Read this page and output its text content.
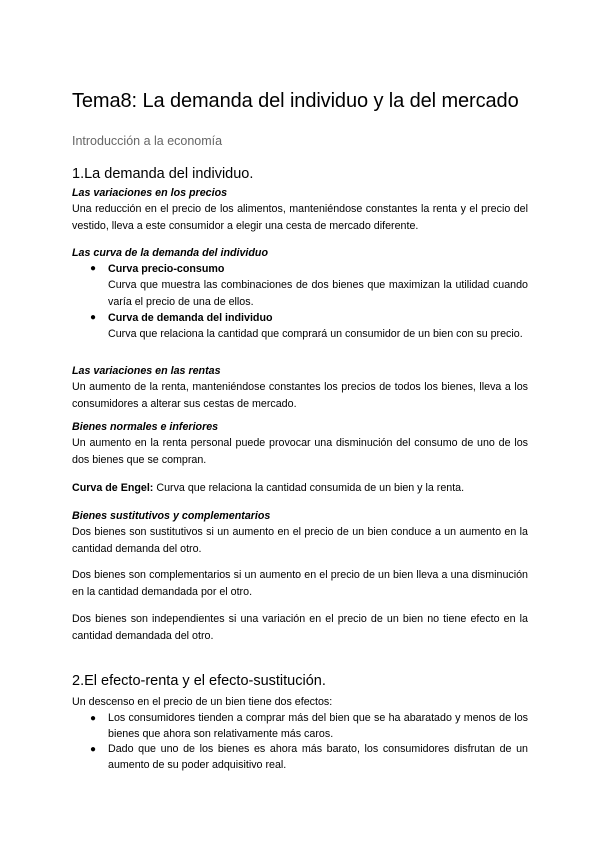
Tema8: La demanda del individuo y la del mercado

Introducción a la economía

1.La demanda del individuo.

Las variaciones en los precios

Una reducción en el precio de los alimentos, manteniéndose constantes la renta y el precio del vestido, lleva a este consumidor a elegir una cesta de mercado diferente.

Las curva de la demanda del individuo

● Curva precio-consumo
Curva que muestra las combinaciones de dos bienes que maximizan la utilidad cuando varía el precio de una de ellos.
● Curva de demanda del individuo
Curva que relaciona la cantidad que comprará un consumidor de un bien con su precio.

Las variaciones en las rentas

Un aumento de la renta, manteniéndose constantes los precios de todos los bienes, lleva a los consumidores a alterar sus cestas de mercado.

Bienes normales e inferiores

Un aumento en la renta personal puede provocar una disminución del consumo de uno de los dos bienes que se compran.

Curva de Engel: Curva que relaciona la cantidad consumida de un bien y la renta.

Bienes sustitutivos y complementarios

Dos bienes son sustitutivos si un aumento en el precio de un bien conduce a un aumento en la cantidad demanda del otro.

Dos bienes son complementarios si un aumento en el precio de un bien lleva a una disminución en la cantidad demandada por el otro.

Dos bienes son independientes si una variación en el precio de un bien no tiene efecto en la cantidad demandada del otro.

2.El efecto-renta y el efecto-sustitución.

Un descenso en el precio de un bien tiene dos efectos:

● Los consumidores tienden a comprar más del bien que se ha abaratado y menos de los bienes que ahora son relativamente más caros.
● Dado que uno de los bienes es ahora más barato, los consumidores disfrutan de un aumento de su poder adquisitivo real.
